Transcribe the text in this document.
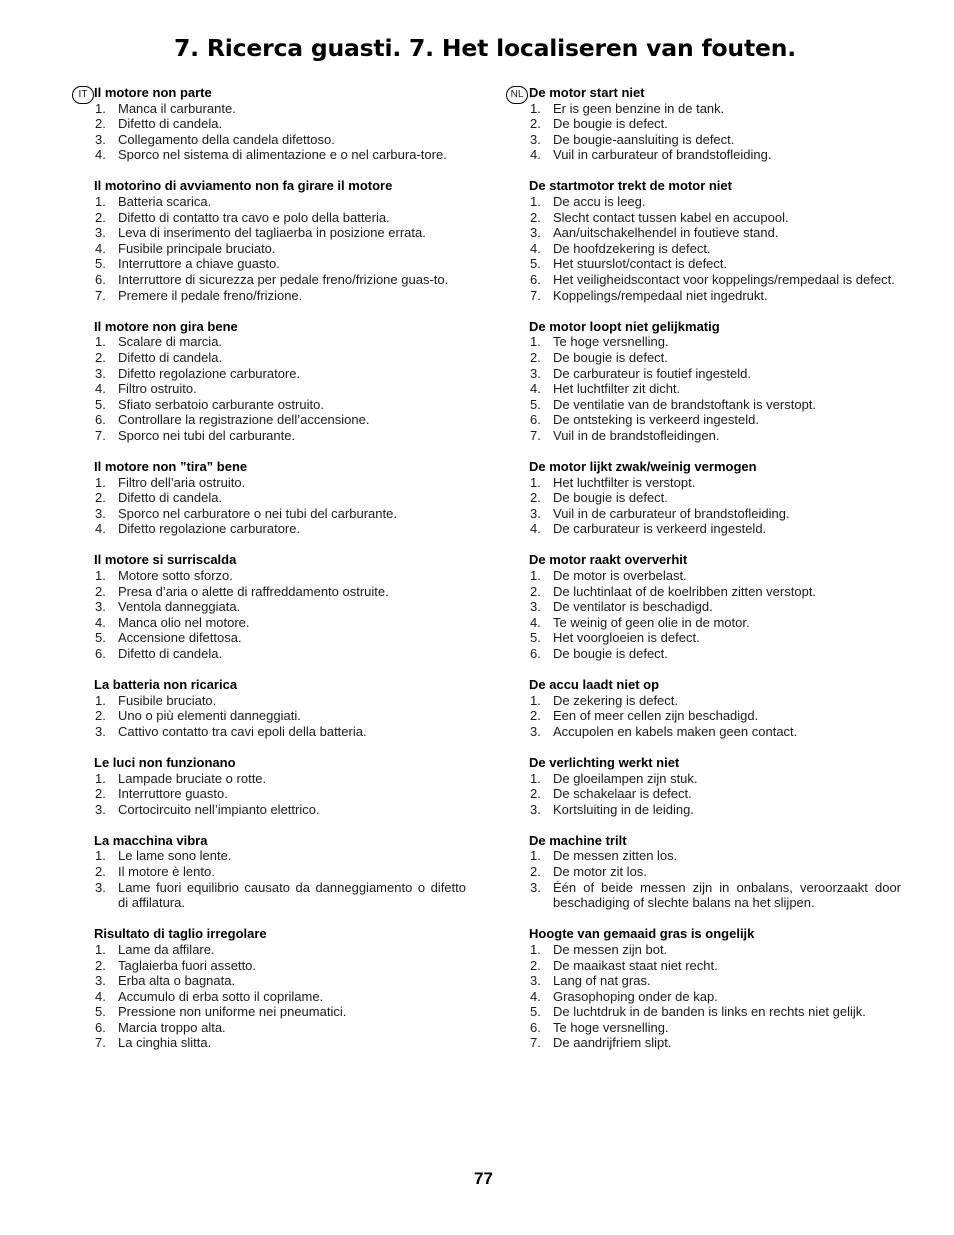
7. Ricerca guasti. 7. Het localiseren van fouten.
IT	NL
Il motore non parte
1. Manca il carburante.
2. Difetto di candela.
3. Collegamento della candela difettoso.
4. Sporco nel sistema di alimentazione e o nel carbura-tore.
Il motorino di avviamento non fa girare il motore
1. Batteria scarica.
2. Difetto di contatto tra cavo e polo della batteria.
3. Leva di inserimento del tagliaerba in posizione errata.
4. Fusibile principale bruciato.
5. Interruttore a chiave guasto.
6. Interruttore di sicurezza per pedale freno/frizione guas-to.
7. Premere il pedale freno/frizione.
Il motore non gira bene
1. Scalare di marcia.
2. Difetto di candela.
3. Difetto regolazione carburatore.
4. Filtro ostruito.
5. Sfiato serbatoio carburante ostruito.
6. Controllare la registrazione dell’accensione.
7. Sporco nei tubi del carburante.
Il motore non ”tira” bene
1. Filtro dell’aria ostruito.
2. Difetto di candela.
3. Sporco nel carburatore o nei tubi del carburante.
4. Difetto regolazione carburatore.
Il motore si surriscalda
1. Motore sotto sforzo.
2. Presa d’aria o alette di raffreddamento ostruite.
3. Ventola danneggiata.
4. Manca olio nel motore.
5. Accensione difettosa.
6. Difetto di candela.
La batteria non ricarica
1. Fusibile bruciato.
2. Uno o più elementi danneggiati.
3. Cattivo contatto tra cavi epoli della batteria.
Le luci non funzionano
1. Lampade bruciate o rotte.
2. Interruttore guasto.
3. Cortocircuito nell’impianto elettrico.
La macchina vibra
1. Le lame sono lente.
2. Il motore è lento.
3. Lame fuori equilibrio causato da danneggiamento o difetto di affilatura.
Risultato di taglio irregolare
1. Lame da affilare.
2. Taglaierba fuori assetto.
3. Erba alta o bagnata.
4. Accumulo di erba sotto il coprilame.
5. Pressione non uniforme nei pneumatici.
6. Marcia troppo alta.
7. La cinghia slitta.
De motor start niet
1. Er is geen benzine in de tank.
2. De bougie is defect.
3. De bougie-aansluiting is defect.
4. Vuil in carburateur of brandstofleiding.
De startmotor trekt de motor niet
1. De accu is leeg.
2. Slecht contact tussen kabel en accupool.
3. Aan/uitschakelhendel in foutieve stand.
4. De hoofdzekering is defect.
5. Het stuurslot/contact is defect.
6. Het veiligheidscontact voor koppelings/rempedaal is defect.
7. Koppelings/rempedaal niet ingedrukt.
De motor loopt niet gelijkmatig
1. Te hoge versnelling.
2. De bougie is defect.
3. De carburateur is foutief ingesteld.
4. Het luchtfilter zit dicht.
5. De ventilatie van de brandstoftank is verstopt.
6. De ontsteking is verkeerd ingesteld.
7. Vuil in de brandstofleidingen.
De motor lijkt zwak/weinig vermogen
1. Het luchtfilter is verstopt.
2. De bougie is defect.
3. Vuil in de carburateur of brandstofleiding.
4. De carburateur is verkeerd ingesteld.
De motor raakt oververhit
1. De motor is overbelast.
2. De luchtinlaat of de koelribben zitten verstopt.
3. De ventilator is beschadigd.
4. Te weinig of geen olie in de motor.
5. Het voorgloeien is defect.
6. De bougie is defect.
De accu laadt niet op
1. De zekering is defect.
2. Een of meer cellen zijn beschadigd.
3. Accupolen en kabels maken geen contact.
De verlichting werkt niet
1. De gloeilampen zijn stuk.
2. De schakelaar is defect.
3. Kortsluiting in de leiding.
De machine trilt
1. De messen zitten los.
2. De motor zit los.
3. Één of beide messen zijn in onbalans, veroorzaakt door beschadiging of slechte balans na het slijpen.
Hoogte van gemaaid gras is ongelijk
1. De messen zijn bot.
2. De maaikast staat niet recht.
3. Lang of nat gras.
4. Grasophoping onder de kap.
5. De luchtdruk in de banden is links en rechts niet gelijk.
6. Te hoge versnelling.
7. De aandrijfriem slipt.
77
